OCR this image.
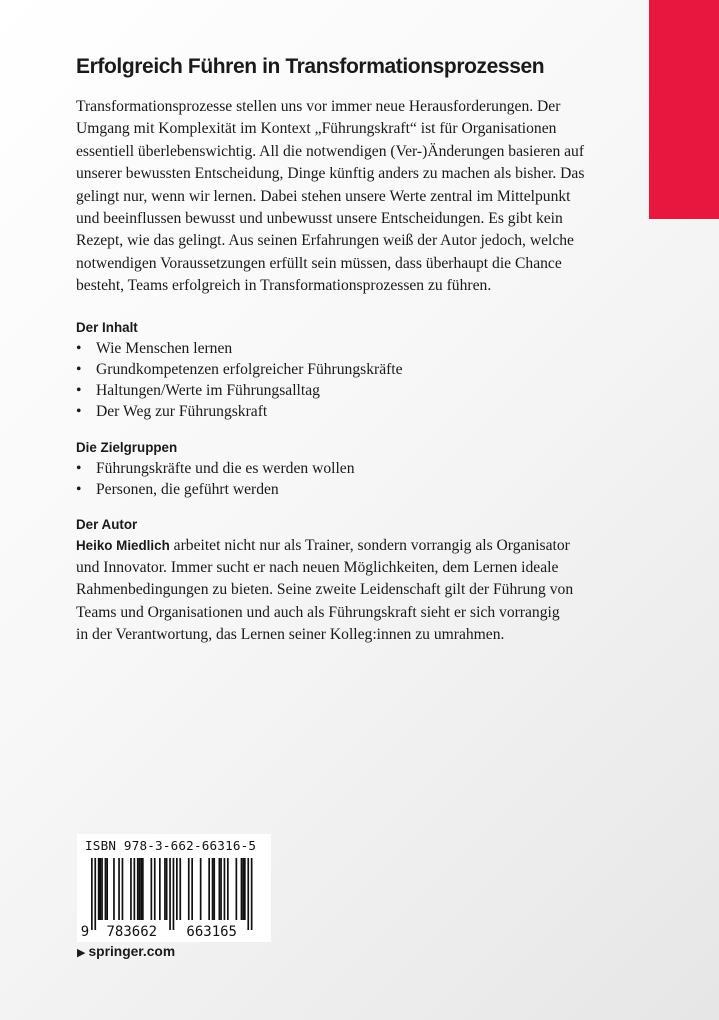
Erfolgreich Führen in Transformationsprozessen

Transformationsprozesse stellen uns vor immer neue Herausforderungen. Der
Umgang mit Komplexität im Kontext „Führungskraft“ ist für Organisationen
essentiell überlebenswichtig. All die notwendigen (Ver-)Änderungen basieren auf
unserer bewussten Entscheidung, Dinge künftig anders zu machen als bisher. Das
gelingt nur, wenn wir lernen. Dabei stehen unsere Werte zentral im Mittelpunkt
und beeinflussen bewusst und unbewusst unsere Entscheidungen. Es gibt kein
Rezept, wie das gelingt. Aus seinen Erfahrungen weiß der Autor jedoch, welche
notwendigen Voraussetzungen erfüllt sein müssen, dass überhaupt die Chance
besteht, Teams erfolgreich in Transformationsprozessen zu führen.

Der Inhalt
• Wie Menschen lernen
• Grundkompetenzen erfolgreicher Führungskräfte
• Haltungen/Werte im Führungsalltag
• Der Weg zur Führungskraft
Die Zielgruppen
• Führungskräfte und die es werden wollen
• Personen, die geführt werden
Der Autor

Heiko Miedlich arbeitet nicht nur als Trainer, sondern vorrangig als Organisator
und Innovator. Immer sucht er nach neuen Möglichkeiten, dem Lernen ideale
Rahmenbedingungen zu bieten. Seine zweite Leidenschaft gilt der Führung von
Teams und Organisationen und auch als Führungskraft sieht er sich vorrangig
in der Verantwortung, das Lernen seiner Kolleg:innen zu umrahmen.

ISBN 978-3-662-66316-5
9 783662 663165
▶ springer.com
